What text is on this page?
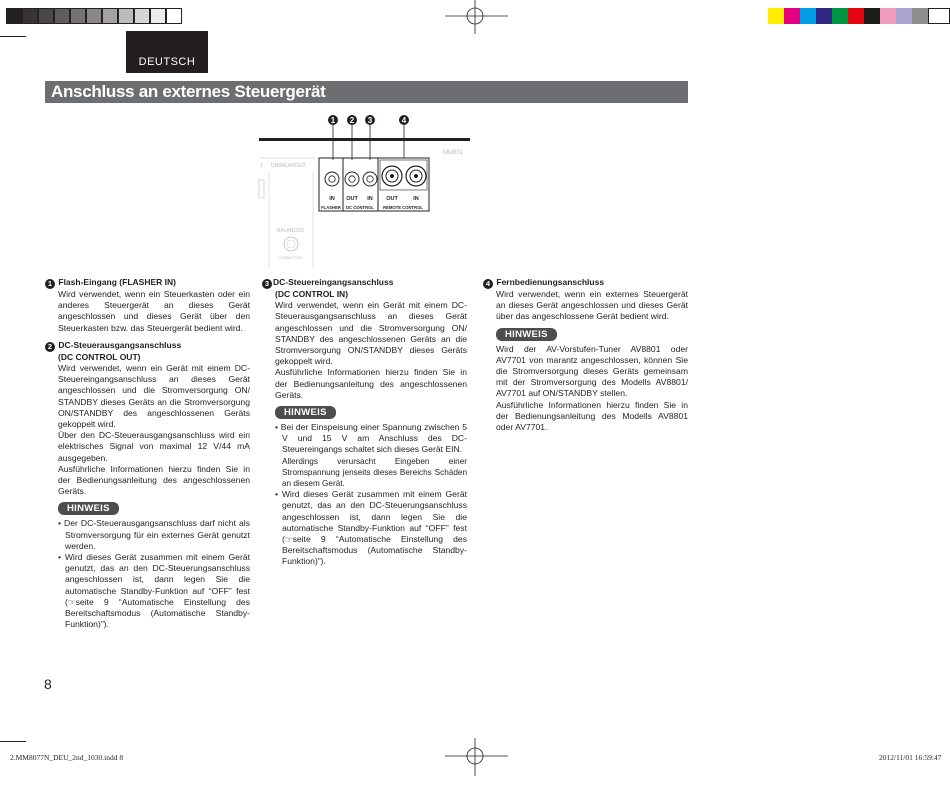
DEUTSCH
Anschluss an externes Steuergerät
1 2 3	4
MM801
1 UNBALANCED
BALANCED
CONNECTOR
IN OUT IN OUT	IN
FLASHER DC CONTROL REMOTE CONTROL

1 Flash-Eingang (FLASHER IN)

Wird verwendet, wenn ein Steuerkasten oder ein anderes Steuergerät an dieses Gerät angeschlossen und dieses Gerät über den Steuerkasten bzw. das Steuergerät bedient wird.

2 DC-Steuerausgangsanschluss

(DC CONTROL OUT)

Wird verwendet, wenn ein Gerät mit einem DC-Steuereingangsanschluss an dieses Gerät angeschlossen und die Stromversorgung ON/ STANDBY dieses Geräts an die Stromversorgung ON/STANDBY des angeschlossenen Geräts gekoppelt wird.

Über den DC-Steuerausgangsanschluss wird ein elektrisches Signal von maximal 12 V/44 mA ausgegeben.

Ausführliche Informationen hierzu finden Sie in der Bedienungsanleitung des angeschlossenen Geräts.

HINWEIS

• Der DC-Steuerausgangsanschluss darf nicht als Stromversorgung für ein externes Gerät genutzt werden.

• Wird dieses Gerät zusammen mit einem Gerät genutzt, das an den DC-Steuerungsanschluss angeschlossen ist, dann legen Sie die automatische Standby-Funktion auf “OFF” fest (☞seite 9 “Automatische Einstellung des Bereitschaftsmodus (Automatische Standby-Funktion)”).

3 DC-Steuereingangsanschluss

(DC CONTROL IN)

Wird verwendet, wenn ein Gerät mit einem DC-Steuerausgangsanschluss an dieses Gerät angeschlossen und die Stromversorgung ON/ STANDBY des angeschlossenen Geräts an die Stromversorgung ON/STANDBY dieses Geräts gekoppelt wird.

Ausführliche Informationen hierzu finden Sie in der Bedienungsanleitung des angeschlossenen Geräts.

HINWEIS

• Bei der Einspeisung einer Spannung zwischen 5 V und 15 V am Anschluss des DC-Steuereingangs schaltet sich dieses Gerät EIN.

Allerdings verursacht Eingeben einer Stromspannung jenseits dieses Bereichs Schäden an diesem Gerät.

• Wird dieses Gerät zusammen mit einem Gerät genutzt, das an den DC-Steuerungsanschluss angeschlossen ist, dann legen Sie die automatische Standby-Funktion auf “OFF” fest (☞seite 9 “Automatische Einstellung des Bereitschaftsmodus (Automatische Standby-Funktion)”).

4 Fernbedienungsanschluss

Wird verwendet, wenn ein externes Steuergerät an dieses Gerät angeschlossen und dieses Gerät über das angeschlossene Gerät bedient wird.

HINWEIS

Wird der AV-Vorstufen-Tuner AV8801 oder AV7701 von marantz angeschlossen, können Sie die Stromversorgung dieses Geräts gemeinsam mit der Stromversorgung des Modells AV8801/ AV7701 auf ON/STANDBY stellen.

Ausführliche Informationen hierzu finden Sie in der Bedienungsanleitung des Modells AV8801 oder AV7701.

8
2.MM8077N_DEU_2nd_1030.indd 8	2012/11/01 16:59:47
